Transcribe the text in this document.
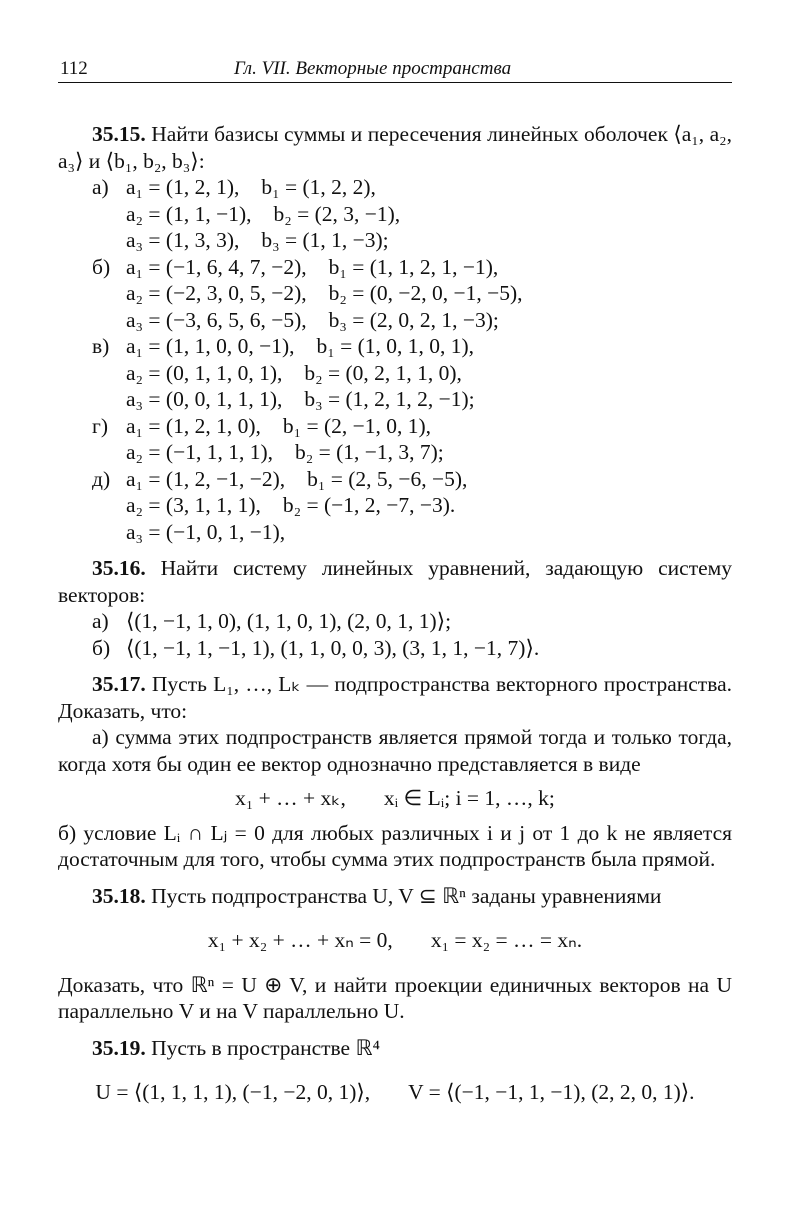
112	Гл. VII. Векторные пространства

35.15. Найти базисы суммы и пересечения линейных оболочек ⟨a₁, a₂, a₃⟩ и ⟨b₁, b₂, b₃⟩:

а) a₁ = (1, 2, 1), b₁ = (1, 2, 2),
a₂ = (1, 1, −1), b₂ = (2, 3, −1),
a₃ = (1, 3, 3), b₃ = (1, 1, −3);
б) a₁ = (−1, 6, 4, 7, −2), b₁ = (1, 1, 2, 1, −1),
a₂ = (−2, 3, 0, 5, −2), b₂ = (0, −2, 0, −1, −5),
a₃ = (−3, 6, 5, 6, −5), b₃ = (2, 0, 2, 1, −3);
в) a₁ = (1, 1, 0, 0, −1), b₁ = (1, 0, 1, 0, 1),
a₂ = (0, 1, 1, 0, 1), b₂ = (0, 2, 1, 1, 0),
a₃ = (0, 0, 1, 1, 1), b₃ = (1, 2, 1, 2, −1);
г) a₁ = (1, 2, 1, 0), b₁ = (2, −1, 0, 1),
a₂ = (−1, 1, 1, 1), b₂ = (1, −1, 3, 7);
д) a₁ = (1, 2, −1, −2), b₁ = (2, 5, −6, −5),
a₂ = (3, 1, 1, 1), b₂ = (−1, 2, −7, −3).
a₃ = (−1, 0, 1, −1),

35.16. Найти систему линейных уравнений, задающую систему векторов:

а) ⟨(1, −1, 1, 0), (1, 1, 0, 1), (2, 0, 1, 1)⟩;
б) ⟨(1, −1, 1, −1, 1), (1, 1, 0, 0, 3), (3, 1, 1, −1, 7)⟩.

35.17. Пусть L₁, …, Lₖ — подпространства векторного пространства. Доказать, что:

а) сумма этих подпространств является прямой тогда и только тогда, когда хотя бы один ее вектор однозначно представляется в виде

x₁ + … + xₖ, xᵢ ∈ Lᵢ; i = 1, …, k;

б) условие Lᵢ ∩ Lⱼ = 0 для любых различных i и j от 1 до k не является достаточным для того, чтобы сумма этих подпространств была прямой.

35.18. Пусть подпространства U, V ⊆ ℝⁿ заданы уравнениями

x₁ + x₂ + … + xₙ = 0, x₁ = x₂ = … = xₙ.

Доказать, что ℝⁿ = U ⊕ V, и найти проекции единичных векторов на U параллельно V и на V параллельно U.

35.19. Пусть в пространстве ℝ⁴

U = ⟨(1, 1, 1, 1), (−1, −2, 0, 1)⟩, V = ⟨(−1, −1, 1, −1), (2, 2, 0, 1)⟩.
